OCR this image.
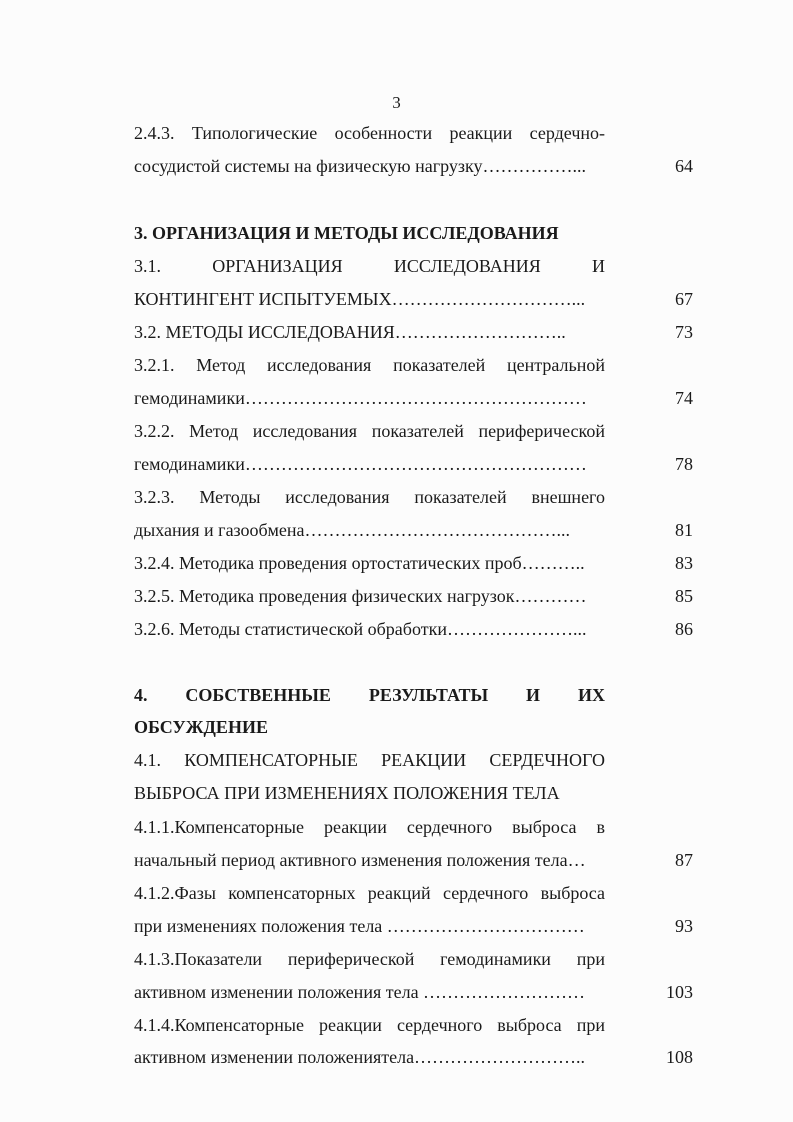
3
2.4.3. Типологические особенности реакции сердечно-
сосудистой системы на физическую нагрузку……………...	64
3. ОРГАНИЗАЦИЯ И МЕТОДЫ ИССЛЕДОВАНИЯ
3.1. ОРГАНИЗАЦИЯ ИССЛЕДОВАНИЯ И
КОНТИНГЕНТ ИСПЫТУЕМЫХ…………………………...	67
3.2. МЕТОДЫ ИССЛЕДОВАНИЯ………………………..	73
3.2.1. Метод исследования показателей центральной
гемодинамики…………………………………………………	74
3.2.2. Метод исследования показателей периферической
гемодинамики…………………………………………………	78
3.2.3. Методы исследования показателей внешнего
дыхания и газообмена……………………………………...	81
3.2.4. Методика проведения ортостатических проб………..	83
3.2.5. Методика проведения физических нагрузок…………	85
3.2.6. Методы статистической обработки…………………...	86
4. СОБСТВЕННЫЕ РЕЗУЛЬТАТЫ И ИХ
ОБСУЖДЕНИЕ
4.1. КОМПЕНСАТОРНЫЕ РЕАКЦИИ СЕРДЕЧНОГО
ВЫБРОСА ПРИ ИЗМЕНЕНИЯХ ПОЛОЖЕНИЯ ТЕЛА
4.1.1.Компенсаторные реакции сердечного выброса в
начальный период активного изменения положения тела…	87
4.1.2.Фазы компенсаторных реакций сердечного выброса
при изменениях положения тела ……………………………	93
4.1.3.Показатели периферической гемодинамики при
активном изменении положения тела ………………………	103
4.1.4.Компенсаторные реакции сердечного выброса при
активном изменении положениятела………………………..	108
